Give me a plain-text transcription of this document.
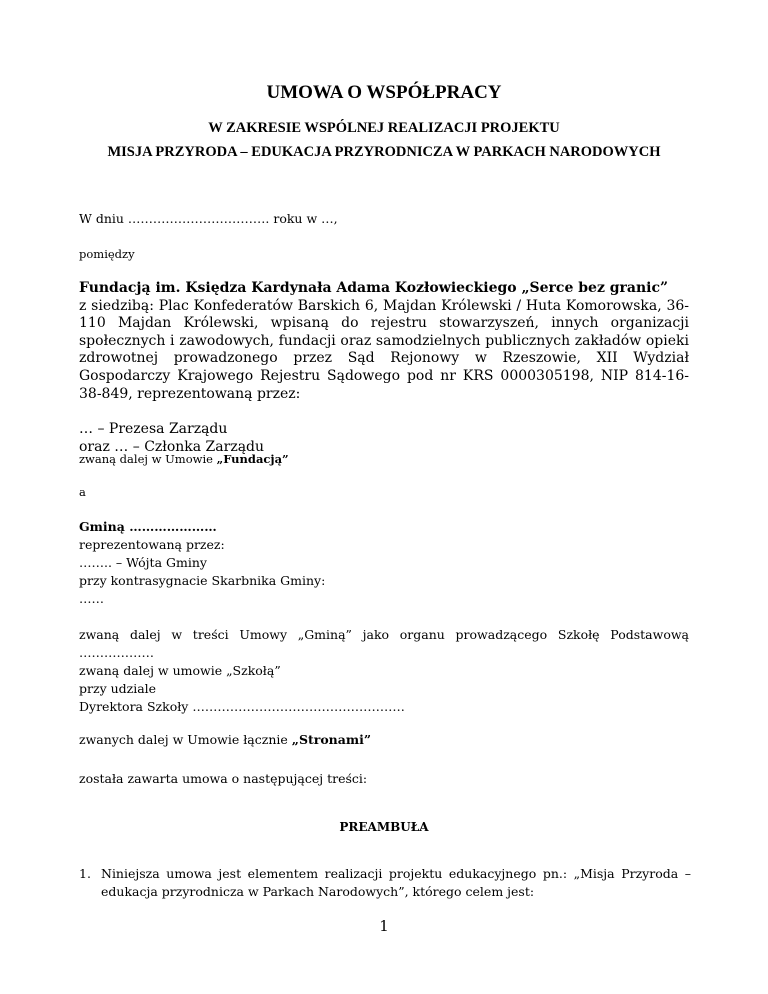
UMOWA O WSPÓŁPRACY
W ZAKRESIE WSPÓLNEJ REALIZACJI PROJEKTU
MISJA PRZYRODA – EDUKACJA PRZYRODNICZA W PARKACH NARODOWYCH
W dniu ……………………………. roku w …,
pomiędzy

Fundacją im. Księdza Kardynała Adama Kozłowieckiego „Serce bez granic”

z siedzibą: Plac Konfederatów Barskich 6, Majdan Królewski / Huta Komorowska, 36-110 Majdan Królewski, wpisaną do rejestru stowarzyszeń, innych organizacji społecznych i zawodowych, fundacji oraz samodzielnych publicznych zakładów opieki zdrowotnej prowadzonego przez Sąd Rejonowy w Rzeszowie, XII Wydział Gospodarczy Krajowego Rejestru Sądowego pod nr KRS 0000305198, NIP 814-16-38-849, reprezentowaną przez:

… – Prezesa Zarządu

oraz … – Członka Zarządu

zwaną dalej w Umowie „Fundacją”
a
Gminą …………………
reprezentowaną przez:
…….. – Wójta Gminy
przy kontrasygnacie Skarbnika Gminy:
……
zwaną dalej w treści Umowy „Gminą” jako organu prowadzącego Szkołę Podstawową
………………
zwaną dalej w umowie „Szkołą”
przy udziale
Dyrektora Szkoły ……………………………………………
zwanych dalej w Umowie łącznie „Stronami”
została zawarta umowa o następującej treści:
PREAMBUŁA
1. Niniejsza umowa jest elementem realizacji projektu edukacyjnego pn.: „Misja Przyroda – edukacja przyrodnicza w Parkach Narodowych”, którego celem jest:
1
